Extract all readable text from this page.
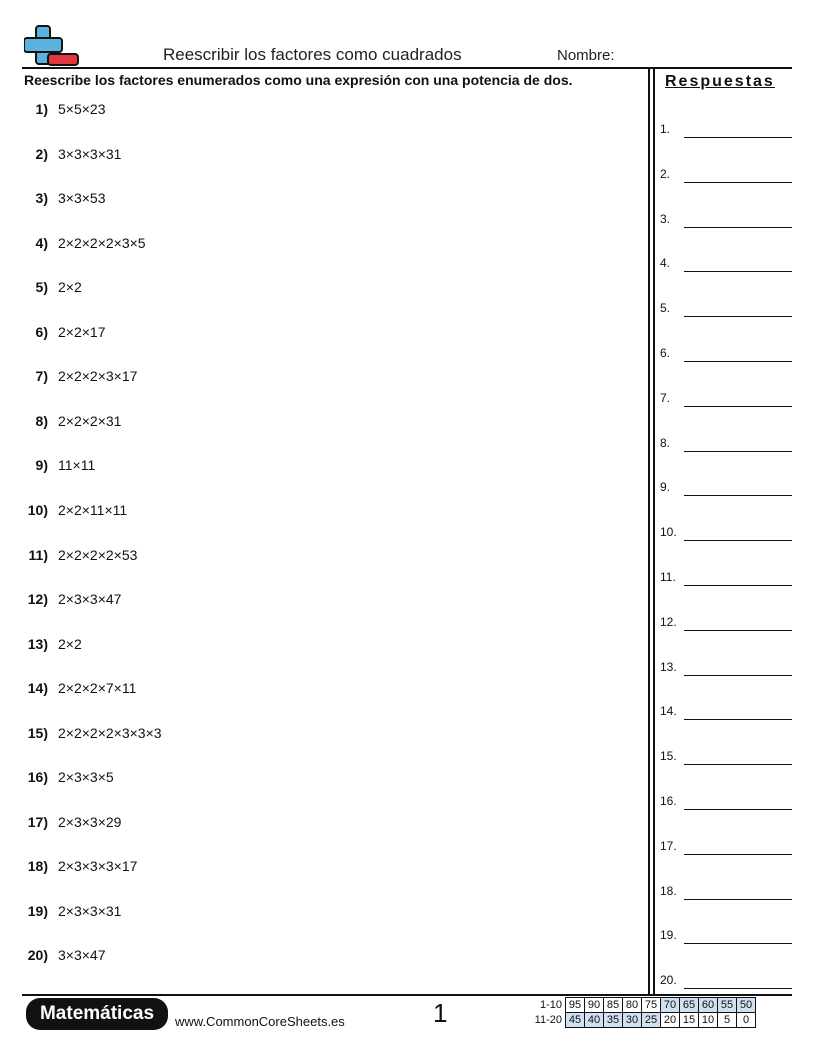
Reescribir los factores como cuadrados	Nombre:
Reescribe los factores enumerados como una expresión con una potencia de dos.	Respuestas
1) 5×5×23
2) 3×3×3×31
3) 3×3×53
4) 2×2×2×2×3×5
5) 2×2
6) 2×2×17
7) 2×2×2×3×17
8) 2×2×2×31
9) 11×11
10) 2×2×11×11
11) 2×2×2×2×53
12) 2×3×3×47
13) 2×2
14) 2×2×2×7×11
15) 2×2×2×2×3×3×3
16) 2×3×3×5
17) 2×3×3×29
18) 2×3×3×3×17
19) 2×3×3×31
20) 3×3×47
1.
2.
3.
4.
5.
6.
7.
8.
9.
10.
11.
12.
13.
14.
15.
16.
17.
18.
19.
20.
Matemáticas	www.CommonCoreSheets.es	1	1-10	95	90	85	80	75	70	65	60	55	50
11-20	45	40	35	30	25	20	15	10	5	0
